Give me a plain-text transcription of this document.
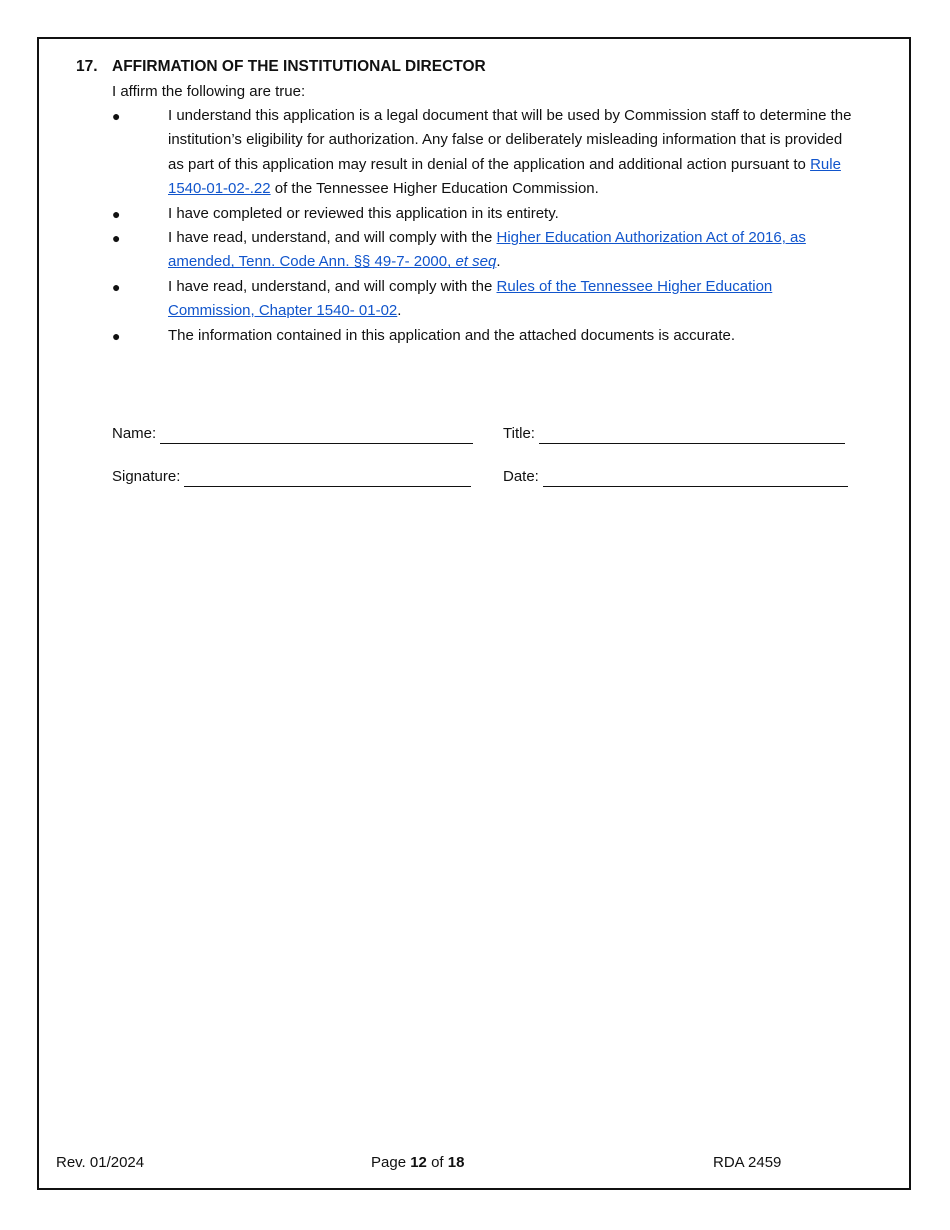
17. AFFIRMATION OF THE INSTITUTIONAL DIRECTOR
I affirm the following are true:
●	I understand this application is a legal document that will be used by Commission staff to determine the institution’s eligibility for authorization. Any false or deliberately misleading information that is provided as part of this application may result in denial of the application and additional action pursuant to Rule 1540-01-02-.22 of the Tennessee Higher Education Commission.
●	I have completed or reviewed this application in its entirety.
●	I have read, understand, and will comply with the Higher Education Authorization Act of 2016, as amended, Tenn. Code Ann. §§ 49-7- 2000, et seq.
●	I have read, understand, and will comply with the Rules of the Tennessee Higher Education Commission, Chapter 1540- 01-02.
●	The information contained in this application and the attached documents is accurate.
Name:	Title:
Signature:	Date:
Rev. 01/2024	Page 12 of 18	RDA 2459
